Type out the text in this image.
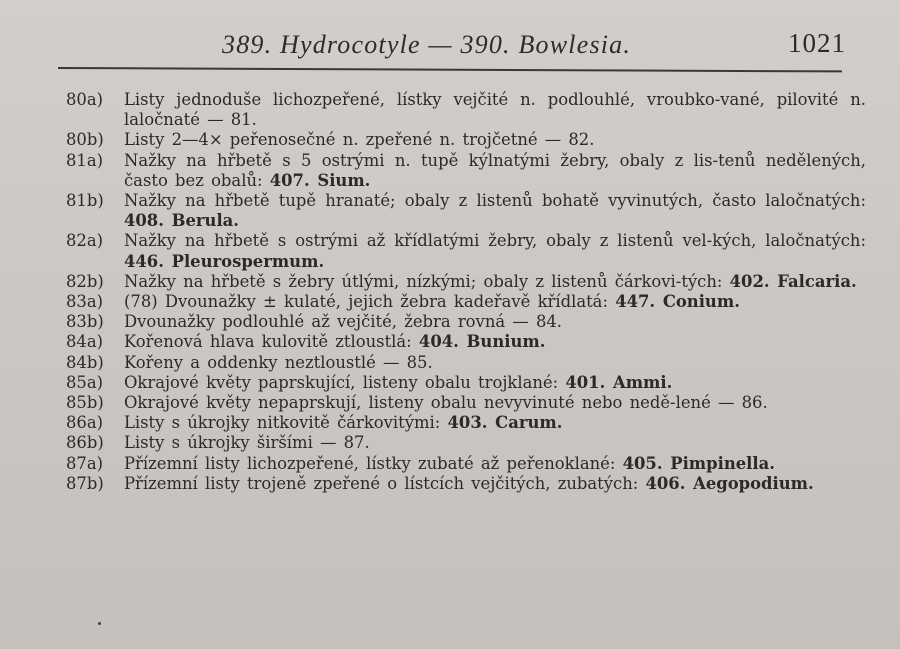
389. Hydrocotyle — 390. Bowlesia.	1021
80a)	Listy jednoduše lichozpeřené, lístky vejčité n. podlouhlé, vroubko-vané, pilovité n. laločnaté — 81.
80b)	Listy 2—4× peřenosečné n. zpeřené n. trojčetné — 82.
81a)	Nažky na hřbetě s 5 ostrými n. tupě kýlnatými žebry, obaly z lis-tenů nedělených, často bez obalů: 407. Sium.
81b)	Nažky na hřbetě tupě hranaté; obaly z listenů bohatě vyvinutých, často laločnatých: 408. Berula.
82a)	Nažky na hřbetě s ostrými až křídlatými žebry, obaly z listenů vel-kých, laločnatých: 446. Pleurospermum.
82b)	Nažky na hřbetě s žebry útlými, nízkými; obaly z listenů čárkovi-tých: 402. Falcaria.
83a)	(78) Dvounažky ± kulaté, jejich žebra kadeřavě křídlatá: 447. Conium.
83b)	Dvounažky podlouhlé až vejčité, žebra rovná — 84.
84a)	Kořenová hlava kulovitě ztloustlá: 404. Bunium.
84b)	Kořeny a oddenky neztloustlé — 85.
85a)	Okrajové květy paprskující, listeny obalu trojklané: 401. Ammi.
85b)	Okrajové květy nepaprskují, listeny obalu nevyvinuté nebo nedě-lené — 86.
86a)	Listy s úkrojky nitkovitě čárkovitými: 403. Carum.
86b)	Listy s úkrojky širšími — 87.
87a)	Přízemní listy lichozpeřené, lístky zubaté až peřenoklané: 405. Pimpinella.
87b)	Přízemní listy trojeně zpeřené o lístcích vejčitých, zubatých: 406. Aegopodium.
